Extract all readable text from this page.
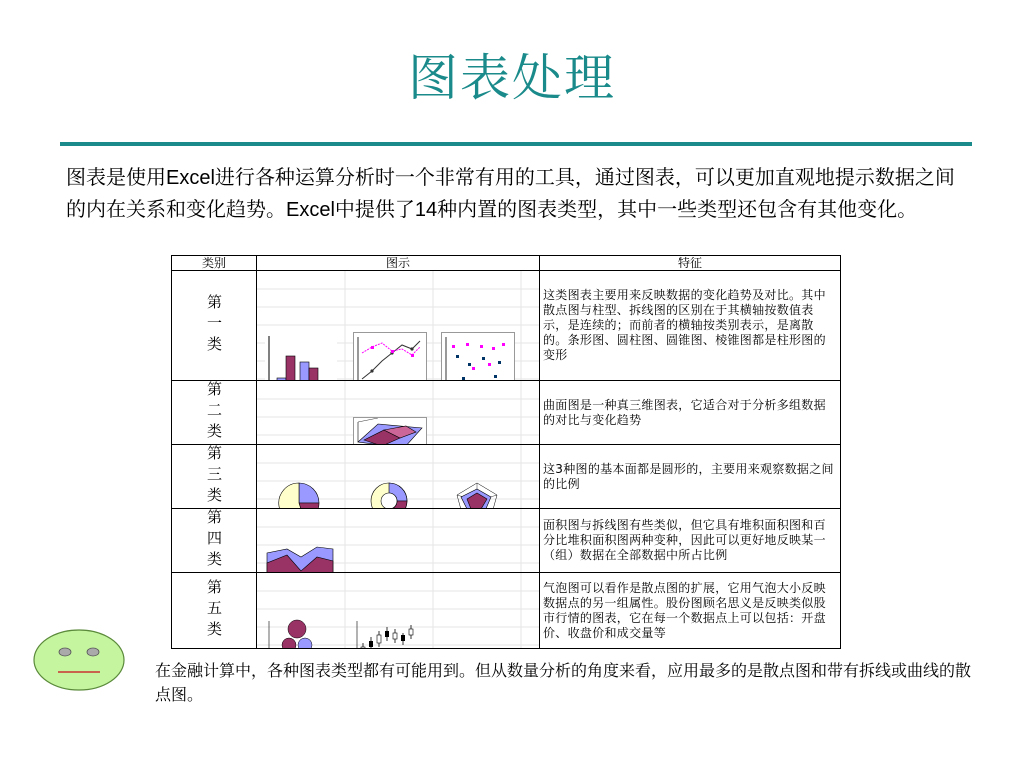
图表处理
图表是使用Excel进行各种运算分析时一个非常有用的工具，通过图表，可以更加直观地提示数据之间的内在关系和变化趋势。Excel中提供了14种内置的图表类型，其中一些类型还包含有其他变化。
类别	图示	特征

第一类		这类图表主要用来反映数据的变化趋势及对比。其中散点图与柱型、拆线图的区别在于其横轴按数值表示，是连续的；而前者的横轴按类别表示，是离散的。条形图、圆柱图、圆锥图、棱锥图都是柱形图的变形

第二类		曲面图是一种真三维图表，它适合对于分析多组数据的对比与变化趋势

第三类		这3种图的基本面都是圆形的，主要用来观察数据之间的比例

第四类		面积图与拆线图有些类似，但它具有堆积面积图和百分比堆积面积图两种变种，因此可以更好地反映某一（组）数据在全部数据中所占比例

第五类		气泡图可以看作是散点图的扩展，它用气泡大小反映数据点的另一组属性。股份图顾名思义是反映类似股市行情的图表，它在每一个数据点上可以包括：开盘价、收盘价和成交量等
在金融计算中，各种图表类型都有可能用到。但从数量分析的角度来看，应用最多的是散点图和带有拆线或曲线的散点图。
